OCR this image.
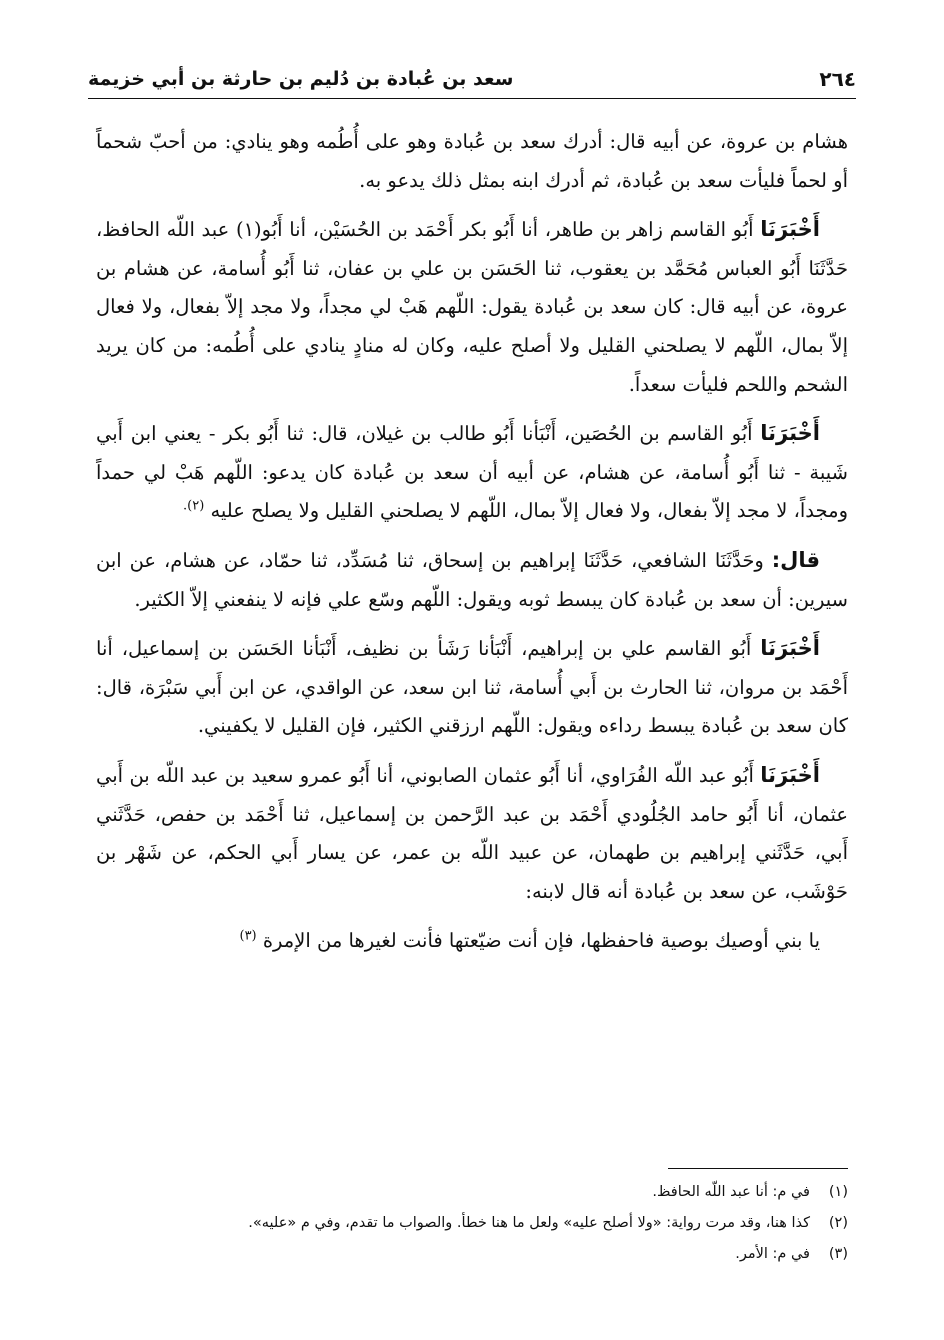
٢٦٤
سعد بن عُبادة بن دُليم بن حارثة بن أبي خزيمة

هشام بن عروة، عن أبيه قال: أدرك سعد بن عُبادة وهو على أُطُمه وهو ينادي: من أحبّ شحماً أو لحماً فليأت سعد بن عُبادة، ثم أدرك ابنه بمثل ذلك يدعو به.

أَخْبَرَنَا أَبُو القاسم زاهر بن طاهر، أنا أَبُو بكر أَحْمَد بن الحُسَيْن، أنا أَبُو(١) عبد اللّه الحافظ، حَدَّثَنَا أَبُو العباس مُحَمَّد بن يعقوب، ثنا الحَسَن بن علي بن عفان، ثنا أَبُو أُسامة، عن هشام بن عروة، عن أبيه قال: كان سعد بن عُبادة يقول: اللّهم هَبْ لي مجداً، ولا مجد إلاّ بفعال، ولا فعال إلاّ بمال، اللّهم لا يصلحني القليل ولا أصلح عليه، وكان له منادٍ ينادي على أُطُمه: من كان يريد الشحم واللحم فليأت سعداً.

أَخْبَرَنَا أَبُو القاسم بن الحُصَين، أَنْبَأنا أَبُو طالب بن غيلان، قال: ثنا أَبُو بكر - يعني ابن أَبي شَيبة - ثنا أَبُو أُسامة، عن هشام، عن أبيه أن سعد بن عُبادة كان يدعو: اللّهم هَبْ لي حمداً ومجداً، لا مجد إلاّ بفعال، ولا فعال إلاّ بمال، اللّهم لا يصلحني القليل ولا يصلح عليه $^{(٢).}$

قال: وحَدَّثَنَا الشافعي، حَدَّثَنَا إبراهيم بن إسحاق، ثنا مُسَدِّد، ثنا حمّاد، عن هشام، عن ابن سيرين: أن سعد بن عُبادة كان يبسط ثوبه ويقول: اللّهم وسّع علي فإنه لا ينفعني إلاّ الكثير.

أَخْبَرَنَا أَبُو القاسم علي بن إبراهيم، أَنْبَأنا رَشَأ بن نظيف، أَنْبَأنا الحَسَن بن إسماعيل، أنا أَحْمَد بن مروان، ثنا الحارث بن أَبي أُسامة، ثنا ابن سعد، عن الواقدي، عن ابن أَبي سَبْرَة، قال: كان سعد بن عُبادة يبسط رداءه ويقول: اللّهم ارزقني الكثير، فإن القليل لا يكفيني.

أَخْبَرَنَا أَبُو عبد اللّه الفُرَاوي، أنا أَبُو عثمان الصابوني، أنا أَبُو عمرو سعيد بن عبد اللّه بن أَبي عثمان، أنا أَبُو حامد الجُلُودي أَحْمَد بن عبد الرَّحمن بن إسماعيل، ثنا أَحْمَد بن حفص، حَدَّثَني أَبي، حَدَّثَني إبراهيم بن طهمان، عن عبيد اللّه بن عمر، عن يسار أَبي الحكم، عن شَهْر بن حَوْشَب، عن سعد بن عُبادة أنه قال لابنه:

يا بني أوصيك بوصية فاحفظها، فإن أنت ضيّعتها فأنت لغيرها من الإمرة $^{(٣)}$

(١)
في م: أنا عبد اللّه الحافظ.
(٢)
كذا هنا، وقد مرت رواية: «ولا أصلح عليه» ولعل ما هنا خطأ. والصواب ما تقدم، وفي م «عليه».
(٣)
في م: الأمر.
